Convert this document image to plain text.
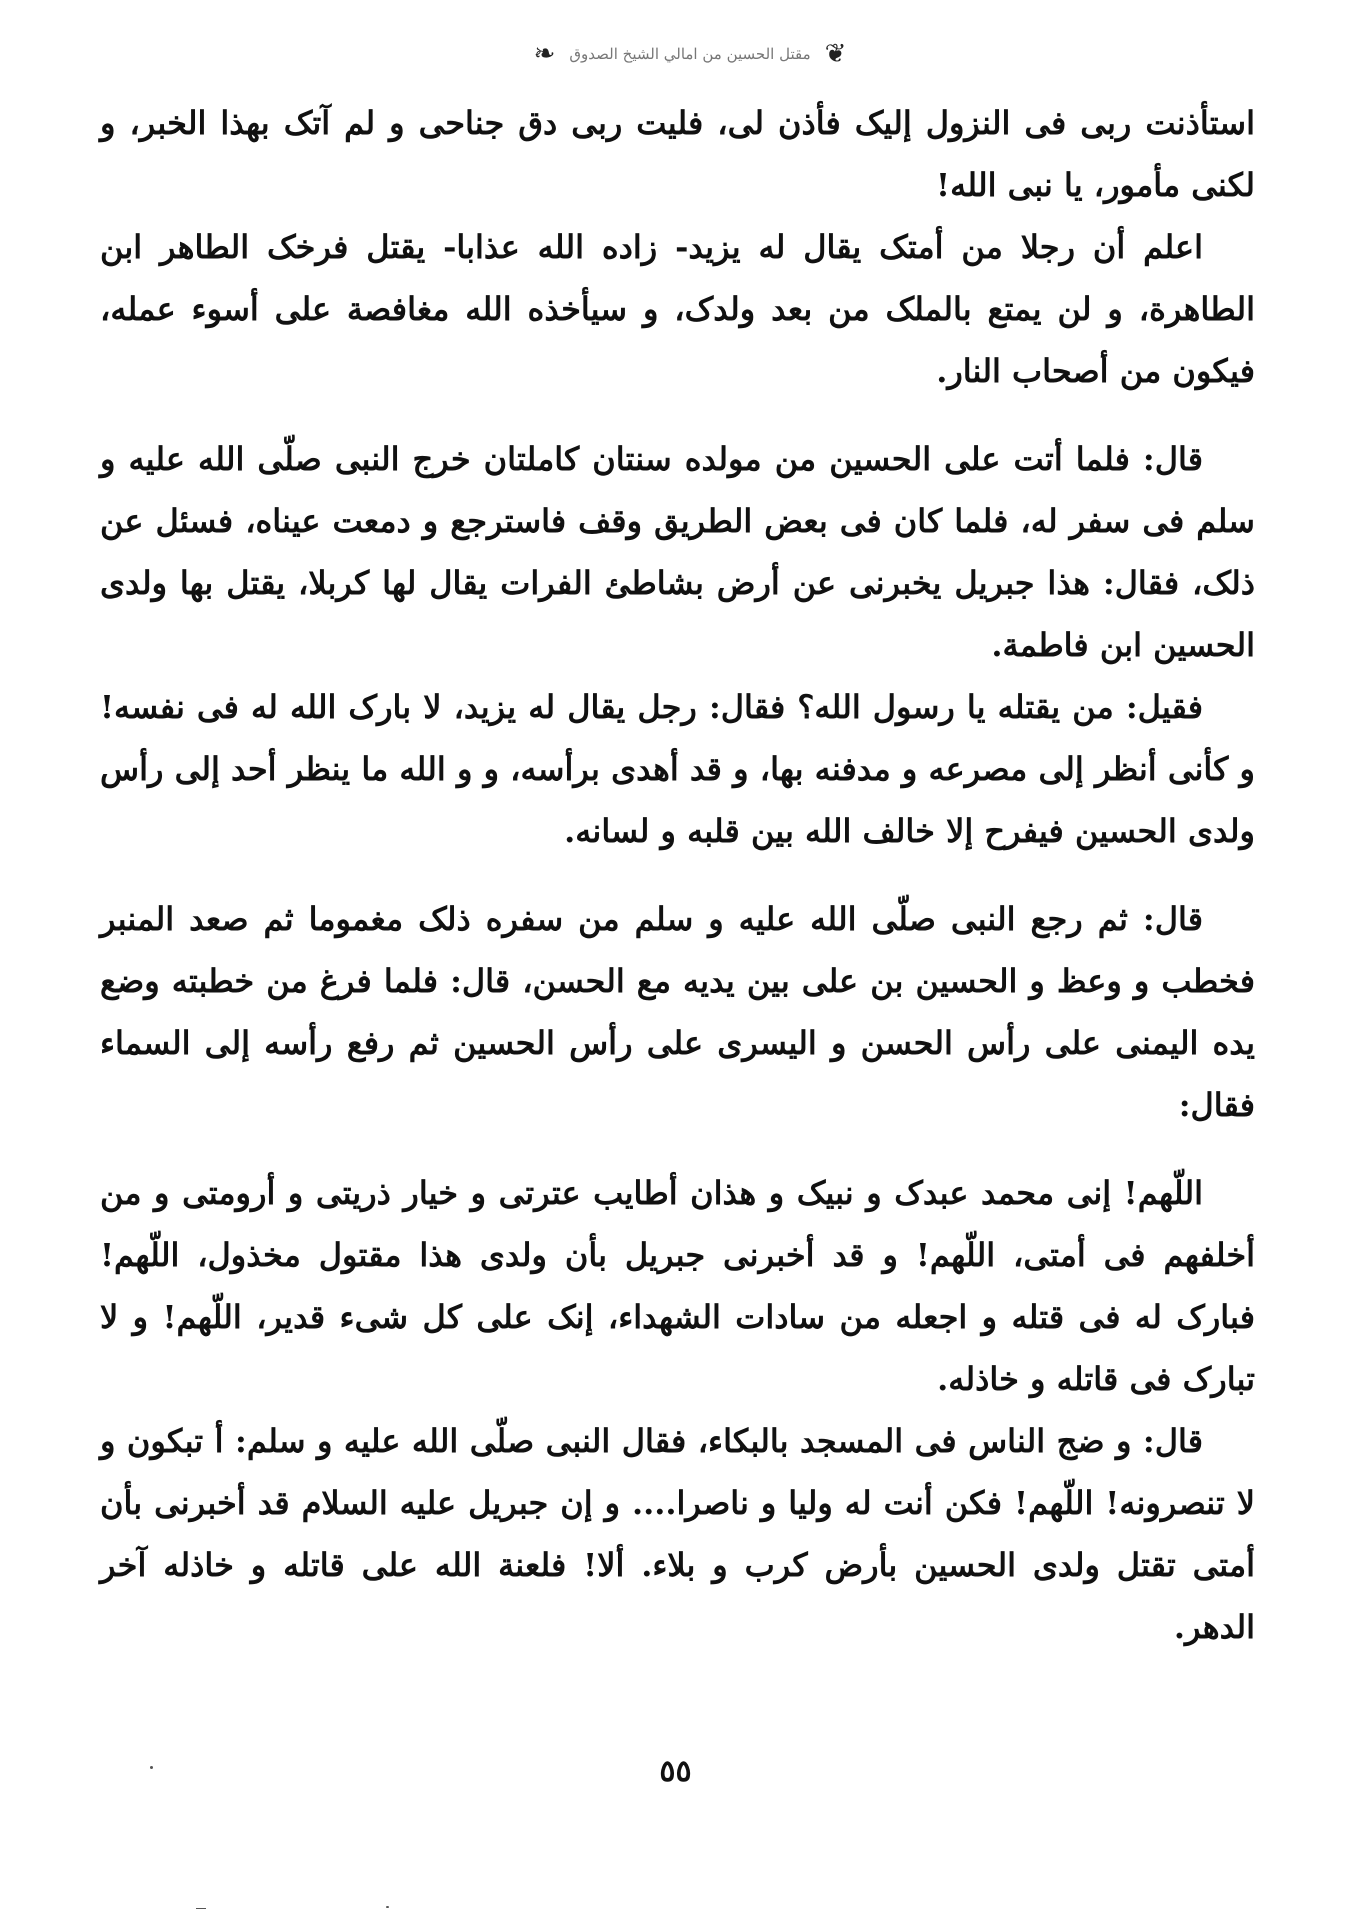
❦
مقتل الحسين من امالي الشيخ الصدوق
❧

استأذنت ربی فی النزول إلیک فأذن لی، فلیت ربی دق جناحی و لم آتک بهذا الخبر، و لکنی مأمور، یا نبی الله!

اعلم أن رجلا من أمتک یقال له یزید- زاده الله عذابا- یقتل فرخک الطاهر ابن الطاهرة، و لن یمتع بالملک من بعد ولدک، و سیأخذه الله مغافصة علی أسوء عمله، فیکون من أصحاب النار.

قال: فلما أتت علی الحسین من مولده سنتان کاملتان خرج النبی صلّی الله علیه و سلم فی سفر له، فلما کان فی بعض الطریق وقف فاسترجع و دمعت عیناه، فسئل عن ذلک، فقال: هذا جبریل یخبرنی عن أرض بشاطئ الفرات یقال لها کربلا، یقتل بها ولدی الحسین ابن فاطمة.

فقیل: من یقتله یا رسول الله؟ فقال: رجل یقال له یزید، لا بارک الله له فی نفسه! و کأنی أنظر إلی مصرعه و مدفنه بها، و قد أهدی برأسه، و و الله ما ینظر أحد إلی رأس ولدی الحسین فیفرح إلا خالف الله بین قلبه و لسانه.

قال: ثم رجع النبی صلّی الله علیه و سلم من سفره ذلک مغموما ثم صعد المنبر فخطب و وعظ و الحسین بن علی بین یدیه مع الحسن، قال: فلما فرغ من خطبته وضع یده الیمنی علی رأس الحسن و الیسری علی رأس الحسین ثم رفع رأسه إلی السماء فقال:

اللّهم! إنی محمد عبدک و نبیک و هذان أطایب عترتی و خیار ذریتی و أرومتی و من أخلفهم فی أمتی، اللّهم! و قد أخبرنی جبریل بأن ولدی هذا مقتول مخذول، اللّهم! فبارک له فی قتله و اجعله من سادات الشهداء، إنک علی کل شیء قدیر، اللّهم! و لا تبارک فی قاتله و خاذله.

قال: و ضج الناس فی المسجد بالبکاء، فقال النبی صلّی الله علیه و سلم: أ تبکون و لا تنصرونه! اللّهم! فکن أنت له ولیا و ناصرا.... و إن جبریل علیه السلام قد أخبرنی بأن أمتی تقتل ولدی الحسین بأرض کرب و بلاء. ألا! فلعنة الله علی قاتله و خاذله آخر الدهر.

٥٥
